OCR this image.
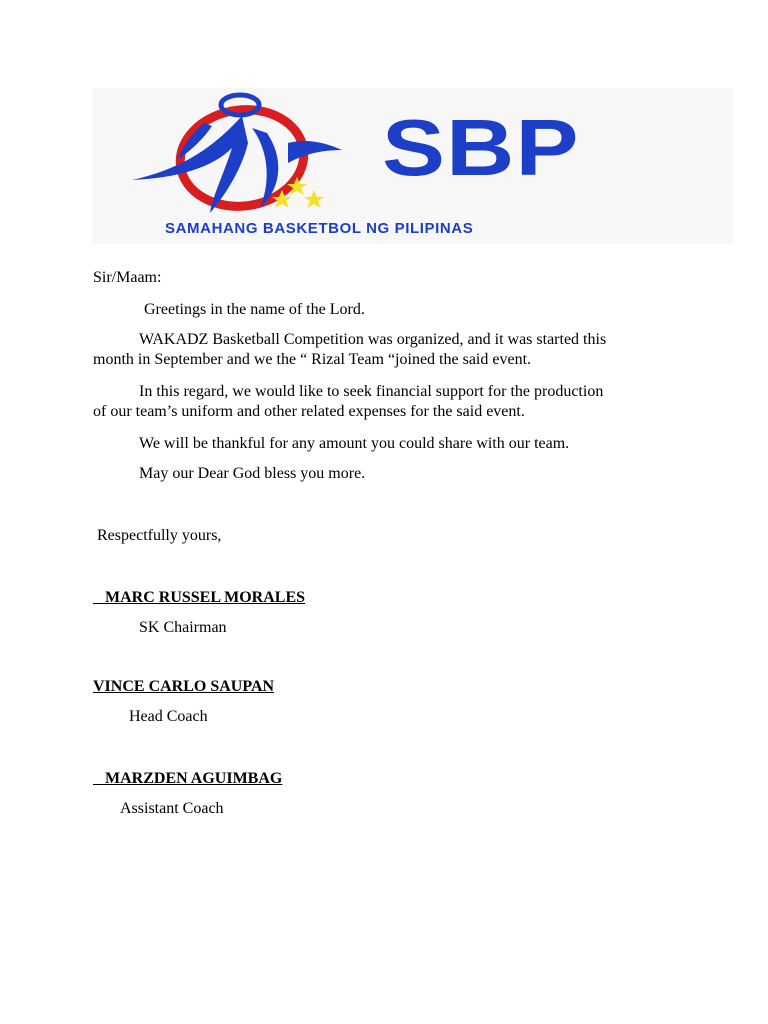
SBP
SAMAHANG BASKETBOL NG PILIPINAS
Sir/Maam:
Greetings in the name of the Lord.
WAKADZ Basketball Competition was organized, and it was started this
month in September and we the “ Rizal Team “joined the said event.
In this regard, we would like to seek financial support for the production
of our team’s uniform and other related expenses for the said event.
We will be thankful for any amount you could share with our team.
May our Dear God bless you more.
Respectfully yours,
MARC RUSSEL MORALES
SK Chairman
VINCE CARLO SAUPAN
Head Coach
MARZDEN AGUIMBAG
Assistant Coach
